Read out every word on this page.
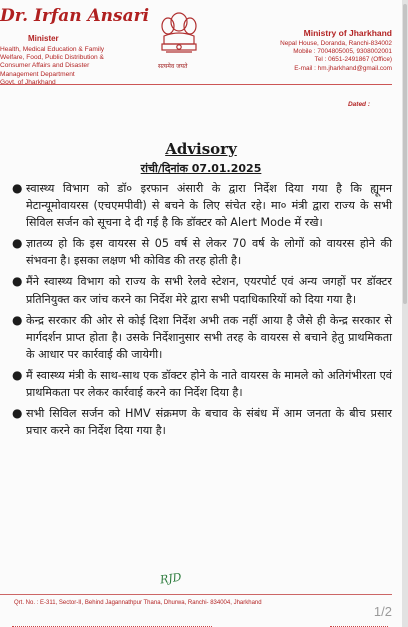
Dr. Irfan Ansari
Minister
Health, Medical Education & Family
Welfare, Food, Public Distribution &
Consumer Affairs and Disaster
Management Department
Govt. of Jharkhand
सत्यमेव जयते
Ministry of Jharkhand
Nepal House, Doranda, Ranchi-834002
Mobile : 7004805005, 9308002001
Tel : 0651-2491867 (Office)
E-mail : hm.jharkhand@gmail.com
Dated :
Advisory
रांची/दिनांक 07.01.2025
● स्वास्थ्य विभाग को डॉ० इरफान अंसारी के द्वारा निर्देश दिया गया है कि ह्यूमन मेटान्यूमोवायरस (एचएमपीवी) से बचने के लिए संचेत रहे। मा० मंत्री द्वारा राज्य के सभी सिविल सर्जन को सूचना दे दी गई है कि डॉक्टर को Alert Mode में रखे।
● ज्ञातव्य हो कि इस वायरस से 05 वर्ष से लेकर 70 वर्ष के लोगों को वायरस होने की संभवना है। इसका लक्षण भी कोविड की तरह होती है।
● मैंने स्वास्थ्य विभाग को राज्य के सभी रेलवे स्टेशन, एयरपोर्ट एवं अन्य जगहों पर डॉक्टर प्रतिनियुक्त कर जांच करने का निर्देश मेरे द्वारा सभी पदाधिकारियों को दिया गया है।
● केन्द्र सरकार की ओर से कोई दिशा निर्देश अभी तक नहीं आया है जैसे ही केन्द्र सरकार से मार्गदर्शन प्राप्त होता है। उसके निर्देशानुसार सभी तरह के वायरस से बचाने हेतु प्राथमिकता के आधार पर कार्रवाई की जायेगी।
● मैं स्वास्थ्य मंत्री के साथ-साथ एक डॉक्टर होने के नाते वायरस के मामले को अतिगंभीरता एवं प्राथमिकता पर लेकर कार्रवाई करने का निर्देश दिया है।
● सभी सिविल सर्जन को HMV संक्रमण के बचाव के संबंध में आम जनता के बीच प्रसार प्रचार करने का निर्देश दिया गया है।
RJD
Qrt. No. : E-311, Sector-II, Behind Jagannathpur Thana, Dhurwa, Ranchi- 834004, Jharkhand
1/2
